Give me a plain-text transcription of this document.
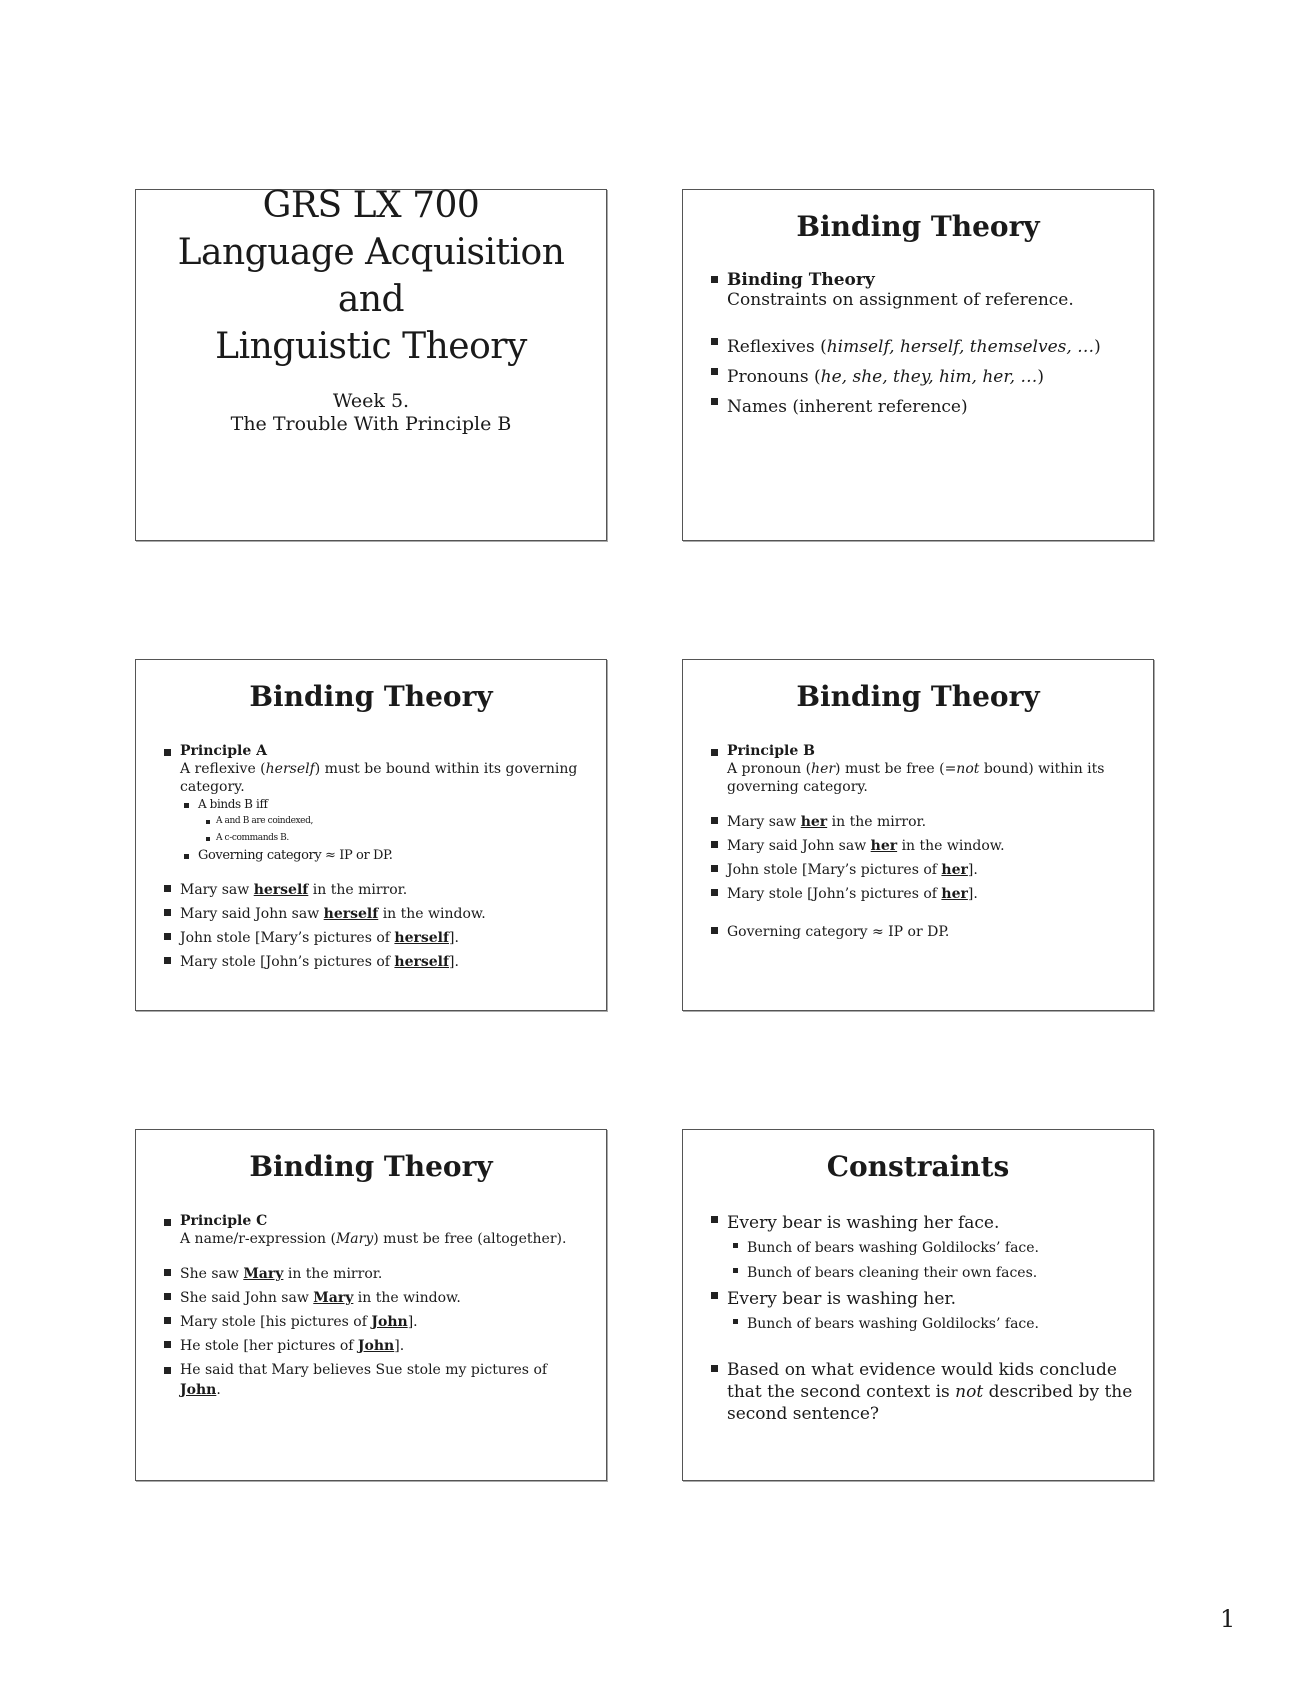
GRS LX 700
Language Acquisition
and
Linguistic Theory
Week 5.
The Trouble With Principle B
Binding Theory
Binding Theory
Constraints on assignment of reference.
Reflexives (himself, herself, themselves, …)
Pronouns (he, she, they, him, her, …)
Names (inherent reference)
Binding Theory
Principle A
A reflexive (herself) must be bound within its governing category.
A binds B iff
A and B are coindexed,
A c-commands B.
Governing category ≈ IP or DP.
Mary saw herself in the mirror.
Mary said John saw herself in the window.
John stole [Mary’s pictures of herself].
Mary stole [John’s pictures of herself].
Binding Theory
Principle B
A pronoun (her) must be free (=not bound) within its governing category.
Mary saw her in the mirror.
Mary said John saw her in the window.
John stole [Mary’s pictures of her].
Mary stole [John’s pictures of her].
Governing category ≈ IP or DP.
Binding Theory
Principle C
A name/r-expression (Mary) must be free (altogether).
She saw Mary in the mirror.
She said John saw Mary in the window.
Mary stole [his pictures of John].
He stole [her pictures of John].
He said that Mary believes Sue stole my pictures of John.
Constraints
Every bear is washing her face.
Bunch of bears washing Goldilocks’ face.
Bunch of bears cleaning their own faces.
Every bear is washing her.
Bunch of bears washing Goldilocks’ face.
Based on what evidence would kids conclude that the second context is not described by the second sentence?
1
